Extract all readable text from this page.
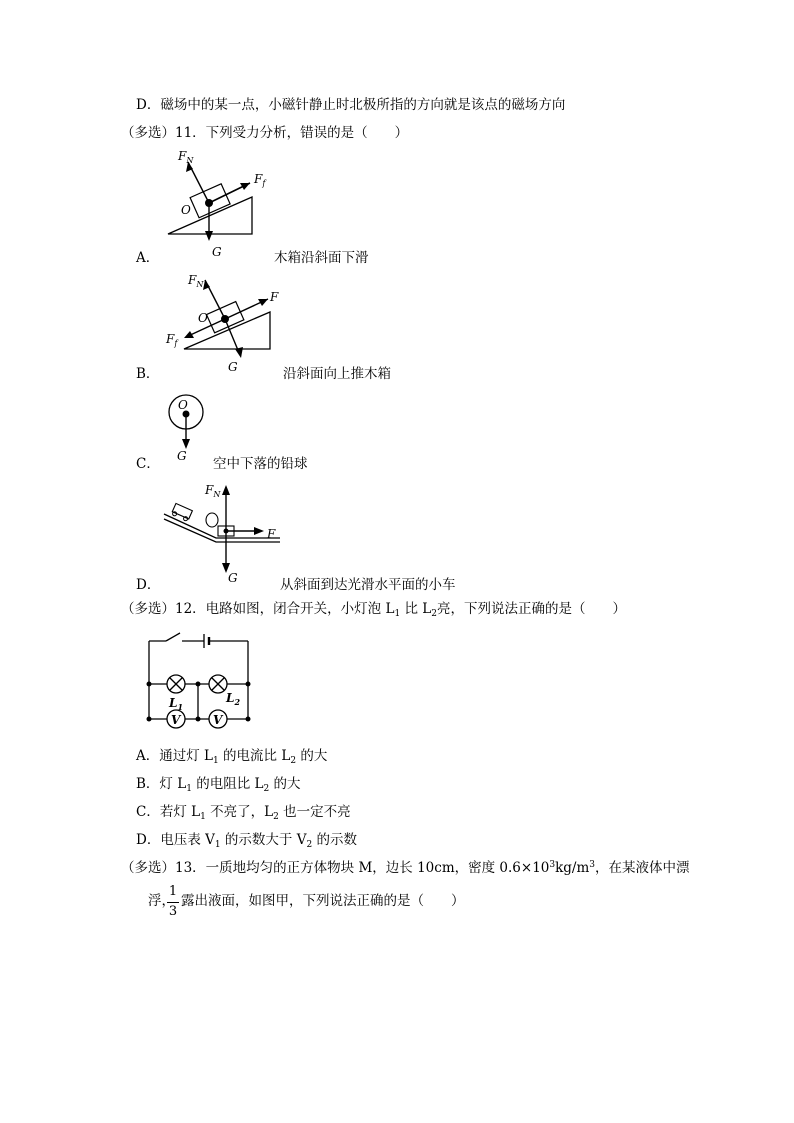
D．磁场中的某一点，小磁针静止时北极所指的方向就是该点的磁场方向
（多选）11．下列受力分析，错误的是（　　）
$F_N$
$F_f$
O
G
A．	木箱沿斜面下滑
$F_N$
F
$F_f$
O
G
B．	沿斜面向上推木箱
O
G
C．	空中下落的铅球
$F_N$
F
G
D．	从斜面到达光滑水平面的小车
（多选）12．电路如图，闭合开关，小灯泡 $L_1$ 比 $L_2$亮，下列说法正确的是（　　）
V	V
$L_1$
$L_2$
A．通过灯 $L_1$ 的电流比 $L_2$ 的大
B．灯 $L_1$ 的电阻比 $L_2$ 的大
C．若灯 $L_1$ 不亮了，$L_2$ 也一定不亮
D．电压表 $V_1$ 的示数大于 $V_2$ 的示数
（多选）13．一质地均匀的正方体物块 M，边长 10cm，密度 $0.6\times 10^3kg/m^3$，在某液体中漂
浮，
1
3
露出液面，如图甲，下列说法正确的是（　　）
